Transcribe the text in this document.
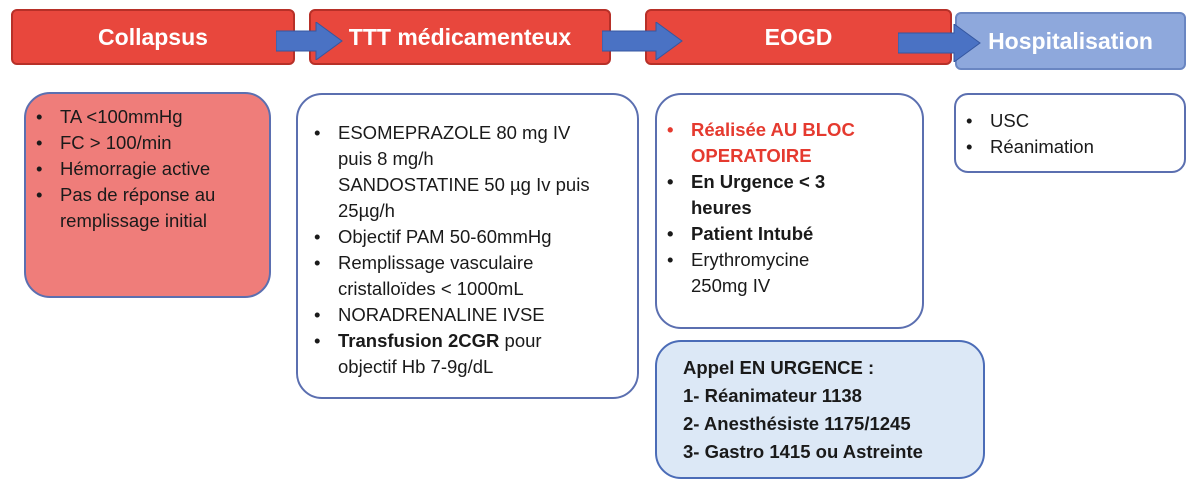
Collapsus	TTT médicamenteux	EOGD	Hospitalisation
• TA <100mmHg
• FC > 100/min
• Hémorragie active
• Pas de réponse au remplissage initial
• ESOMEPRAZOLE 80 mg IV puis 8 mg/h
SANDOSTATINE 50 µg Iv puis 25µg/h
• Objectif PAM 50-60mmHg
• Remplissage vasculaire cristalloïdes < 1000mL
• NORADRENALINE IVSE
• Transfusion 2CGR pour objectif Hb 7-9g/dL
• Réalisée AU BLOC OPERATOIRE
• En Urgence < 3 heures
• Patient Intubé
• Erythromycine 250mg IV
Appel EN URGENCE :
1- Réanimateur 1138
2- Anesthésiste 1175/1245
3- Gastro 1415 ou Astreinte
• USC
• Réanimation
